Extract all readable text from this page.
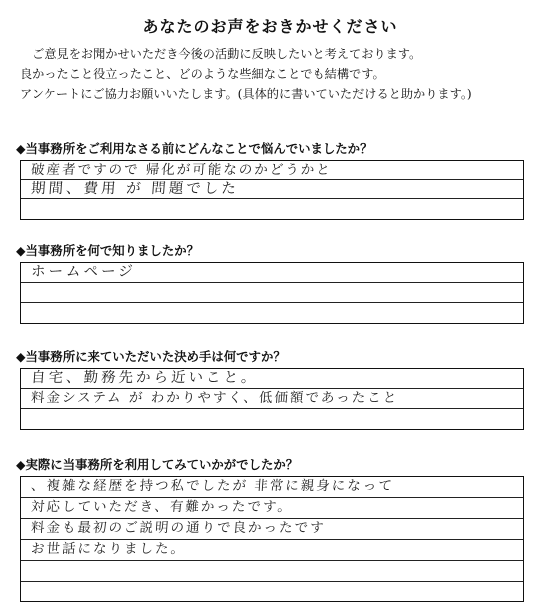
あなたのお声をおきかせください
　ご意見をお聞かせいただき今後の活動に反映したいと考えております。
良かったこと役立ったこと、どのような些細なことでも結構です。
アンケートにご協力お願いいたします。(具体的に書いていただけると助かります。)
◆当事務所をご利用なさる前にどんなことで悩んでいましたか？
破産者ですので 帰化が可能なのかどうかと
期間、費用 が 問題でした
◆当事務所を何で知りましたか？
ホームページ
◆当事務所に来ていただいた決め手は何ですか？
自宅、勤務先から近いこと。
料金システム が わかりやすく、低価額であったこと
◆実際に当事務所を利用してみていかがでしたか？
、複雑な経歴を持つ私でしたが 非常に親身になって
対応していただき、有難かったです。
料金も最初のご説明の通りで良かったです
お世話になりました。
